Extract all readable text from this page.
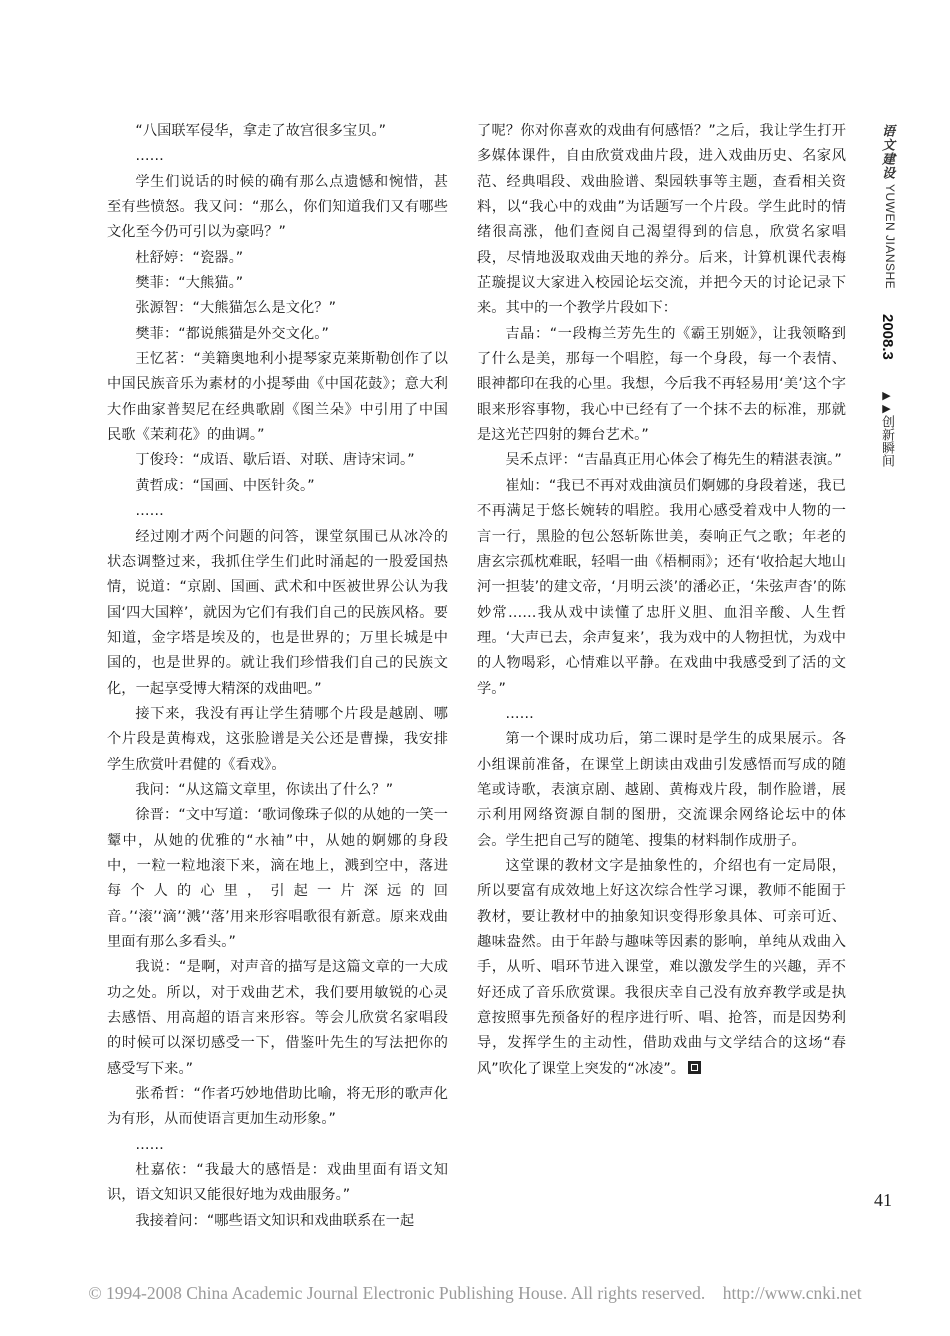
“八国联军侵华，拿走了故宫很多宝贝。”

……

学生们说话的时候的确有那么点遗憾和惋惜，甚至有些愤怒。我又问：“那么，你们知道我们又有哪些文化至今仍可引以为豪吗？”

杜舒婷：“瓷器。”

樊菲：“大熊猫。”

张源智：“大熊猫怎么是文化？”

樊菲：“都说熊猫是外交文化。”

王忆茗：“美籍奥地利小提琴家克莱斯勒创作了以中国民族音乐为素材的小提琴曲《中国花鼓》；意大利大作曲家普契尼在经典歌剧《图兰朵》中引用了中国民歌《茉莉花》的曲调。”

丁俊玲：“成语、歇后语、对联、唐诗宋词。”

黄哲成：“国画、中医针灸。”

……

经过刚才两个问题的问答，课堂氛围已从冰冷的状态调整过来，我抓住学生们此时涌起的一股爱国热情，说道：“京剧、国画、武术和中医被世界公认为我国‘四大国粹’，就因为它们有我们自己的民族风格。要知道，金字塔是埃及的，也是世界的；万里长城是中国的，也是世界的。就让我们珍惜我们自己的民族文化，一起享受博大精深的戏曲吧。”

接下来，我没有再让学生猜哪个片段是越剧、哪个片段是黄梅戏，这张脸谱是关公还是曹操，我安排学生欣赏叶君健的《看戏》。

我问：“从这篇文章里，你读出了什么？”

徐晋：“文中写道：‘歌词像珠子似的从她的一笑一颦中，从她的优雅的“水袖”中，从她的婀娜的身段中，一粒一粒地滚下来，滴在地上，溅到空中，落进每个人的心里，引起一片深远的回音。’‘滚’‘滴’‘溅’‘落’用来形容唱歌很有新意。原来戏曲里面有那么多看头。”

我说：“是啊，对声音的描写是这篇文章的一大成功之处。所以，对于戏曲艺术，我们要用敏锐的心灵去感悟、用高超的语言来形容。等会儿欣赏名家唱段的时候可以深切感受一下，借鉴叶先生的写法把你的感受写下来。”

张希哲：“作者巧妙地借助比喻，将无形的歌声化为有形，从而使语言更加生动形象。”

……

杜嘉依：“我最大的感悟是：戏曲里面有语文知识，语文知识又能很好地为戏曲服务。”

我接着问：“哪些语文知识和戏曲联系在一起

了呢？你对你喜欢的戏曲有何感悟？”之后，我让学生打开多媒体课件，自由欣赏戏曲片段，进入戏曲历史、名家风范、经典唱段、戏曲脸谱、梨园轶事等主题，查看相关资料，以“我心中的戏曲”为话题写一个片段。学生此时的情绪很高涨，他们查阅自己渴望得到的信息，欣赏名家唱段，尽情地汲取戏曲天地的养分。后来，计算机课代表梅芷璇提议大家进入校园论坛交流，并把今天的讨论记录下来。其中的一个教学片段如下：

吉晶：“一段梅兰芳先生的《霸王别姬》，让我领略到了什么是美，那每一个唱腔，每一个身段，每一个表情、眼神都印在我的心里。我想，今后我不再轻易用‘美’这个字眼来形容事物，我心中已经有了一个抹不去的标准，那就是这光芒四射的舞台艺术。”

吴禾点评：“吉晶真正用心体会了梅先生的精湛表演。”

崔灿：“我已不再对戏曲演员们婀娜的身段着迷，我已不再满足于悠长婉转的唱腔。我用心感受着戏中人物的一言一行，黑脸的包公怒斩陈世美，奏响正气之歌；年老的唐玄宗孤枕难眠，轻唱一曲《梧桐雨》；还有‘收拾起大地山河一担装’的建文帝，‘月明云淡’的潘必正，‘朱弦声杳’的陈妙常……我从戏中读懂了忠肝义胆、血泪辛酸、人生哲理。‘大声已去，余声复来’，我为戏中的人物担忧，为戏中的人物喝彩，心情难以平静。在戏曲中我感受到了活的文学。”

……

第一个课时成功后，第二课时是学生的成果展示。各小组课前准备，在课堂上朗读由戏曲引发感悟而写成的随笔或诗歌，表演京剧、越剧、黄梅戏片段，制作脸谱，展示利用网络资源自制的图册，交流课余网络论坛中的体会。学生把自己写的随笔、搜集的材料制作成册子。

这堂课的教材文字是抽象性的，介绍也有一定局限，所以要富有成效地上好这次综合性学习课，教师不能囿于教材，要让教材中的抽象知识变得形象具体、可亲可近、趣味盎然。由于年龄与趣味等因素的影响，单纯从戏曲入手，从听、唱环节进入课堂，难以激发学生的兴趣，弄不好还成了音乐欣赏课。我很庆幸自己没有放弃教学或是执意按照事先预备好的程序进行听、唱、抢答，而是因势利导，发挥学生的主动性，借助戏曲与文学结合的这场“春风”吹化了课堂上突发的“冰凌”。

语文建设
YUWEN JIANSHE
2008.3
▶▶创新瞬间
41
© 1994-2008 China Academic Journal Electronic Publishing House. All rights reserved.    http://www.cnki.net
